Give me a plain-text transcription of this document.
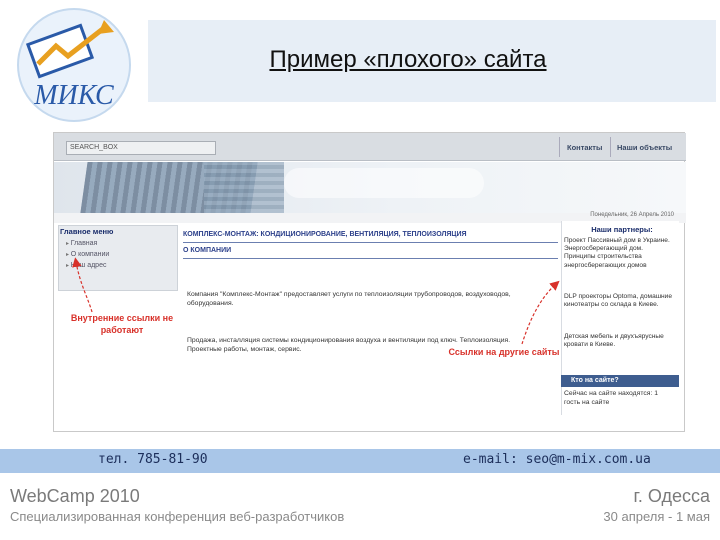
МИКС
Пример «плохого» сайта
SEARCH_BOX	Контакты Наши объекты
Понедельник, 26 Апрель 2010
Главное меню
▸ Главная
▸ О компании
▸ Наш адрес
КОМПЛЕКС-МОНТАЖ: КОНДИЦИОНИРОВАНИЕ, ВЕНТИЛЯЦИЯ, ТЕПЛОИЗОЛЯЦИЯ
О КОМПАНИИ
Компания "Комплекс-Монтаж" предоставляет услуги по теплоизоляции трубопроводов, воздуховодов, оборудования.
Продажа, инсталляция системы кондиционирования воздуха и вентиляции под ключ. Теплоизоляция. Проектные работы, монтаж, сервис.
Наши партнеры:
Проект Пассивный дом в Украине. Энергосберегающий дом. Принципы строительства энергосберегающих домов
DLP проекторы Optoma, домашние кинотеатры со склада в Киеве.
Детская мебель и двухъярусные кровати в Киеве.
Кто на сайте?
Сейчас на сайте находятся: 1 гость на сайте
Внутренние ссылки не работают
Ссылки на другие сайты
тел. 785-81-90	e-mail: seo@m-mix.com.ua
WebCamp 2010
Специализированная конференция веб-разработчиков
г. Одесса
30 апреля - 1 мая
